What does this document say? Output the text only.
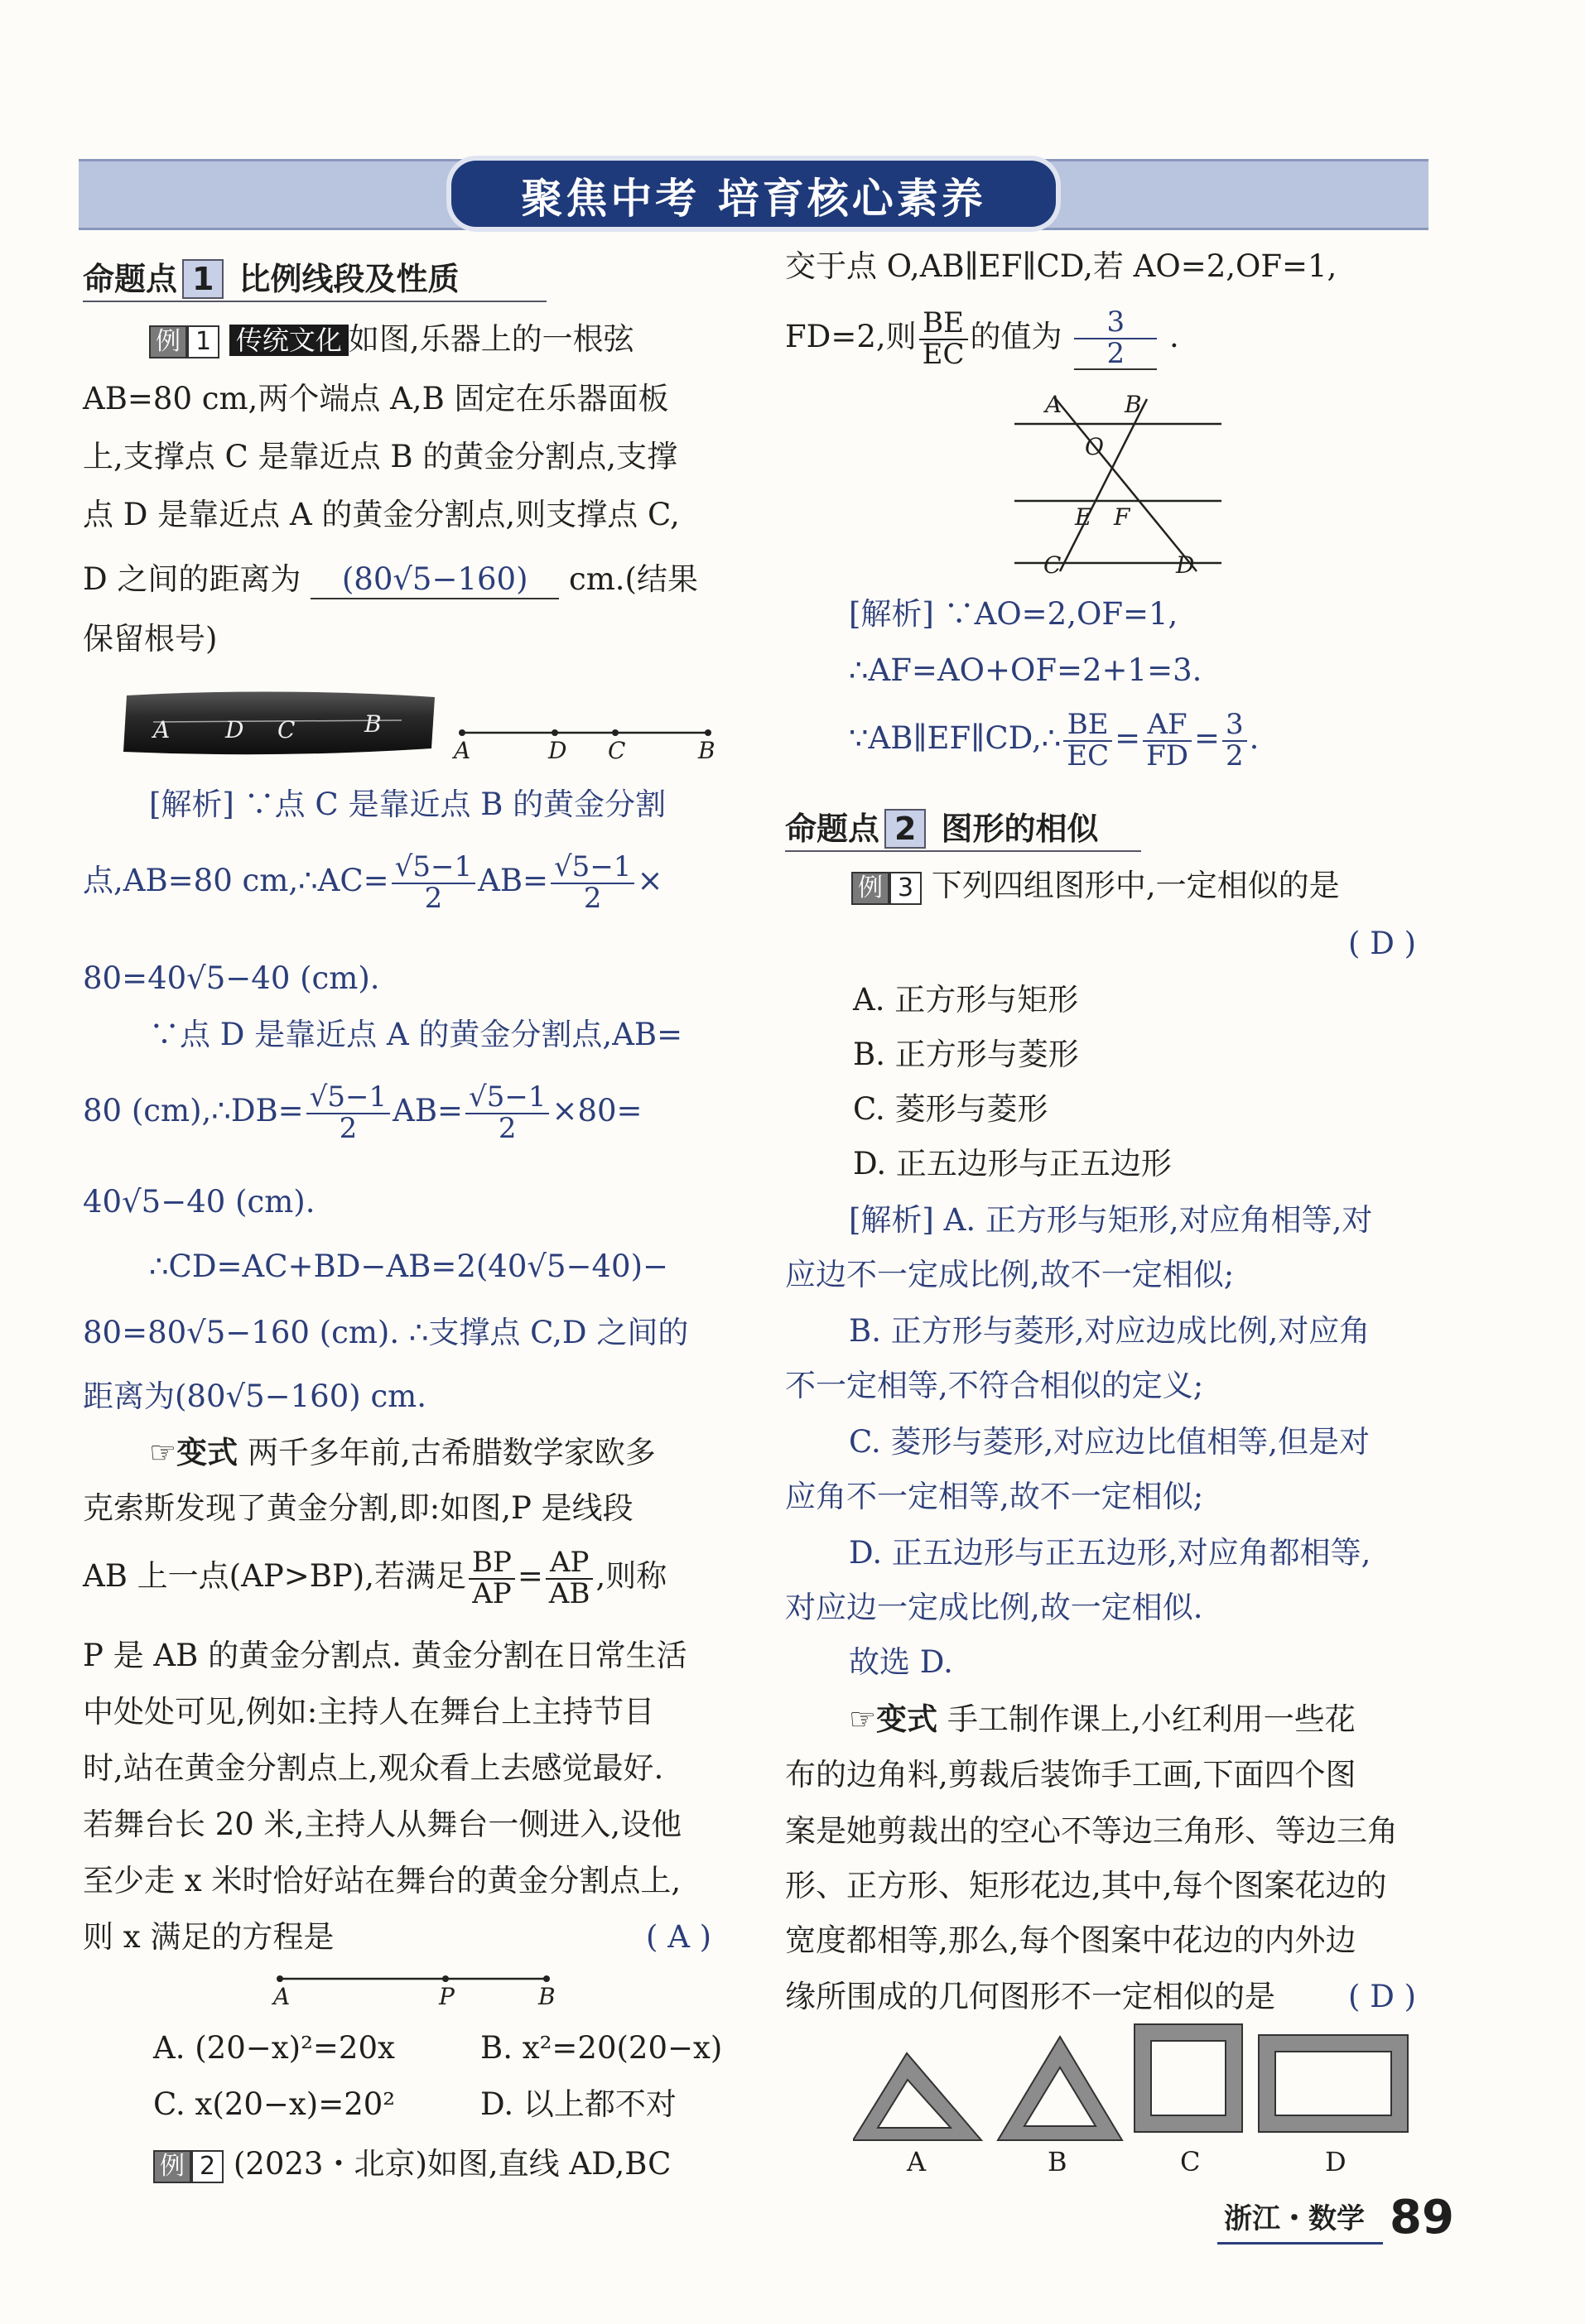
聚焦中考 培育核心素养
命题点 1 比例线段及性质
例 1 传统文化 如图,乐器上的一根弦
AB=80 cm,两个端点 A,B 固定在乐器面板
上,支撑点 C 是靠近点 B 的黄金分割点,支撑
点 D 是靠近点 A 的黄金分割点,则支撑点 C,
D 之间的距离为 (80√5−160) cm.(结果
保留根号)
A D C	B
A	D C	B
[解析] ∵点 C 是靠近点 B 的黄金分割
点,AB=80 cm,∴AC= $\frac{√5-1}{2} AB= \frac{√5-1}{2}$ ×
80=40√5−40 (cm).
∵点 D 是靠近点 A 的黄金分割点,AB=
80 (cm),∴DB= $\frac{√5-1}{2} AB= \frac{√5-1}{2} \times 80=$
40√5−40 (cm).
∴CD=AC+BD−AB=2(40√5−40)−
80=80√5−160 (cm). ∴支撑点 C,D 之间的
距离为(80√5−160) cm.
☞变式 两千多年前,古希腊数学家欧多
克索斯发现了黄金分割,即:如图,P 是线段
AB 上一点(AP>BP),若满足 $\frac{BP}{AP} = \frac{AP}{AB}$ ,则称
P 是 AB 的黄金分割点. 黄金分割在日常生活
中处处可见,例如:主持人在舞台上主持节目
时,站在黄金分割点上,观众看上去感觉最好.
若舞台长 20 米,主持人从舞台一侧进入,设他
至少走 x 米时恰好站在舞台的黄金分割点上,
则 x 满足的方程是	( A )
A	P	B
A. (20−x)²=20x	B. x²=20(20−x)
C. x(20−x)=20²	D. 以上都不对
例 2 (2023・北京)如图,直线 AD,BC
交于点 O,AB∥EF∥CD,若 AO=2,OF=1,
FD=2,则 $\frac{BE}{EC}$ 的值为 $\frac{3}{2}$ .
A	B
O
E F
C	D
[解析] ∵AO=2,OF=1,
∴AF=AO+OF=2+1=3.
∵AB∥EF∥CD,∴ $\frac{BE}{EC} = \frac{AF}{FD} = \frac{3}{2}$ .
命题点 2 图形的相似
例 3 下列四组图形中,一定相似的是
( D )
A. 正方形与矩形
B. 正方形与菱形
C. 菱形与菱形
D. 正五边形与正五边形
[解析] A. 正方形与矩形,对应角相等,对
应边不一定成比例,故不一定相似;
B. 正方形与菱形,对应边成比例,对应角
不一定相等,不符合相似的定义;
C. 菱形与菱形,对应边比值相等,但是对
应角不一定相等,故不一定相似;
D. 正五边形与正五边形,对应角都相等,
对应边一定成比例,故一定相似.
故选 D.
☞变式 手工制作课上,小红利用一些花
布的边角料,剪裁后装饰手工画,下面四个图
案是她剪裁出的空心不等边三角形、等边三角
形、正方形、矩形花边,其中,每个图案花边的
宽度都相等,那么,每个图案中花边的内外边
缘所围成的几何图形不一定相似的是 ( D )
A	B	C	D
浙江・数学 89
